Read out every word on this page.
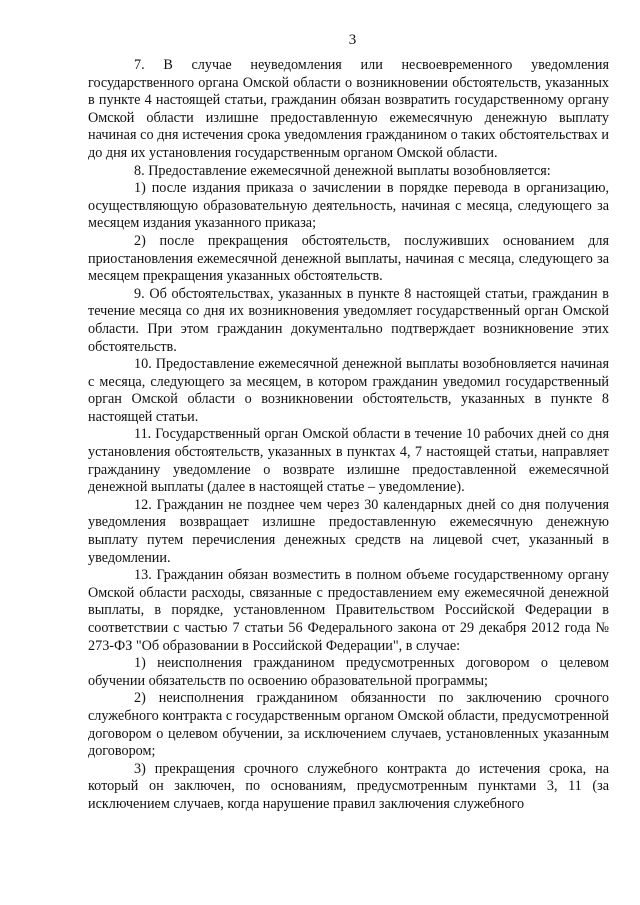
3

7. В случае неуведомления или несвоевременного уведомления государственного органа Омской области о возникновении обстоятельств, указанных в пункте 4 настоящей статьи, гражданин обязан возвратить государственному органу Омской области излишне предоставленную ежемесячную денежную выплату начиная со дня истечения срока уведомления гражданином о таких обстоятельствах и до дня их установления государственным органом Омской области.

8. Предоставление ежемесячной денежной выплаты возобновляется:

1) после издания приказа о зачислении в порядке перевода в организацию, осуществляющую образовательную деятельность, начиная с месяца, следующего за месяцем издания указанного приказа;

2) после прекращения обстоятельств, послуживших основанием для приостановления ежемесячной денежной выплаты, начиная с месяца, следующего за месяцем прекращения указанных обстоятельств.

9. Об обстоятельствах, указанных в пункте 8 настоящей статьи, гражданин в течение месяца со дня их возникновения уведомляет государственный орган Омской области. При этом гражданин документально подтверждает возникновение этих обстоятельств.

10. Предоставление ежемесячной денежной выплаты возобновляется начиная с месяца, следующего за месяцем, в котором гражданин уведомил государственный орган Омской области о возникновении обстоятельств, указанных в пункте 8 настоящей статьи.

11. Государственный орган Омской области в течение 10 рабочих дней со дня установления обстоятельств, указанных в пунктах 4, 7 настоящей статьи, направляет гражданину уведомление о возврате излишне предоставленной ежемесячной денежной выплаты (далее в настоящей статье – уведомление).

12. Гражданин не позднее чем через 30 календарных дней со дня получения уведомления возвращает излишне предоставленную ежемесячную денежную выплату путем перечисления денежных средств на лицевой счет, указанный в уведомлении.

13. Гражданин обязан возместить в полном объеме государственному органу Омской области расходы, связанные с предоставлением ему ежемесячной денежной выплаты, в порядке, установленном Правительством Российской Федерации в соответствии с частью 7 статьи 56 Федерального закона от 29 декабря 2012 года № 273-ФЗ "Об образовании в Российской Федерации", в случае:

1) неисполнения гражданином предусмотренных договором о целевом обучении обязательств по освоению образовательной программы;

2) неисполнения гражданином обязанности по заключению срочного служебного контракта с государственным органом Омской области, предусмотренной договором о целевом обучении, за исключением случаев, установленных указанным договором;

3) прекращения срочного служебного контракта до истечения срока, на который он заключен, по основаниям, предусмотренным пунктами 3, 11 (за исключением случаев, когда нарушение правил заключения служебного
